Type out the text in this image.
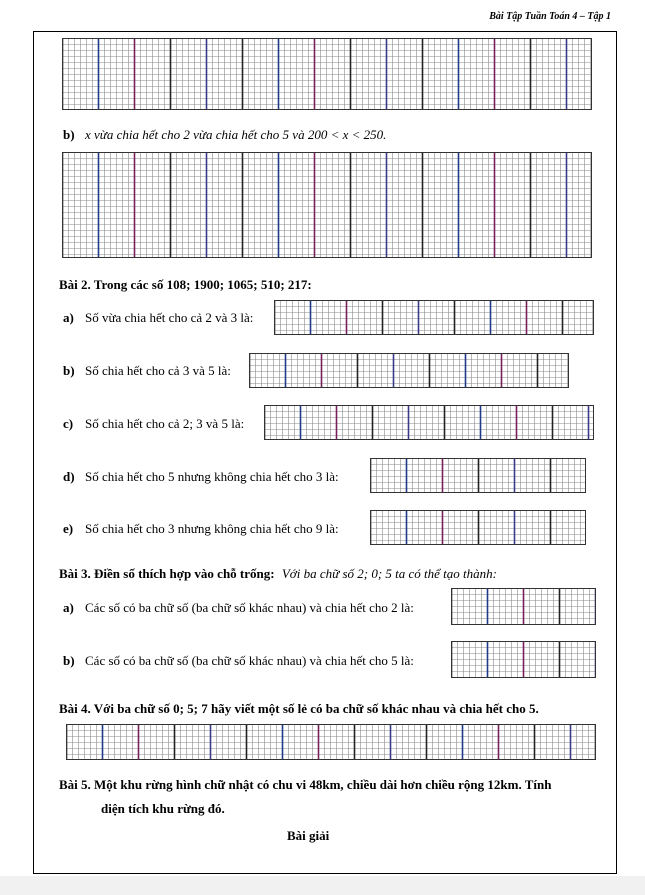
Bài Tập Tuần Toán 4 – Tập 1
b) x vừa chia hết cho 2 vừa chia hết cho 5 và 200 < x < 250.
Bài 2. Trong các số 108; 1900; 1065; 510; 217:
a) Số vừa chia hết cho cả 2 và 3 là:
b) Số chia hết cho cả 3 và 5 là:
c) Số chia hết cho cả 2; 3 và 5 là:
d) Số chia hết cho 5 nhưng không chia hết cho 3 là:
e) Số chia hết cho 3 nhưng không chia hết cho 9 là:
Bài 3. Điền số thích hợp vào chỗ trống: Với ba chữ số 2; 0; 5 ta có thể tạo thành:
a) Các số có ba chữ số (ba chữ số khác nhau) và chia hết cho 2 là:
b) Các số có ba chữ số (ba chữ số khác nhau) và chia hết cho 5 là:
Bài 4. Với ba chữ số 0; 5; 7 hãy viết một số lẻ có ba chữ số khác nhau và chia hết cho 5.
Bài 5. Một khu rừng hình chữ nhật có chu vi 48km, chiều dài hơn chiều rộng 12km. Tính
diện tích khu rừng đó.
Bài giải
